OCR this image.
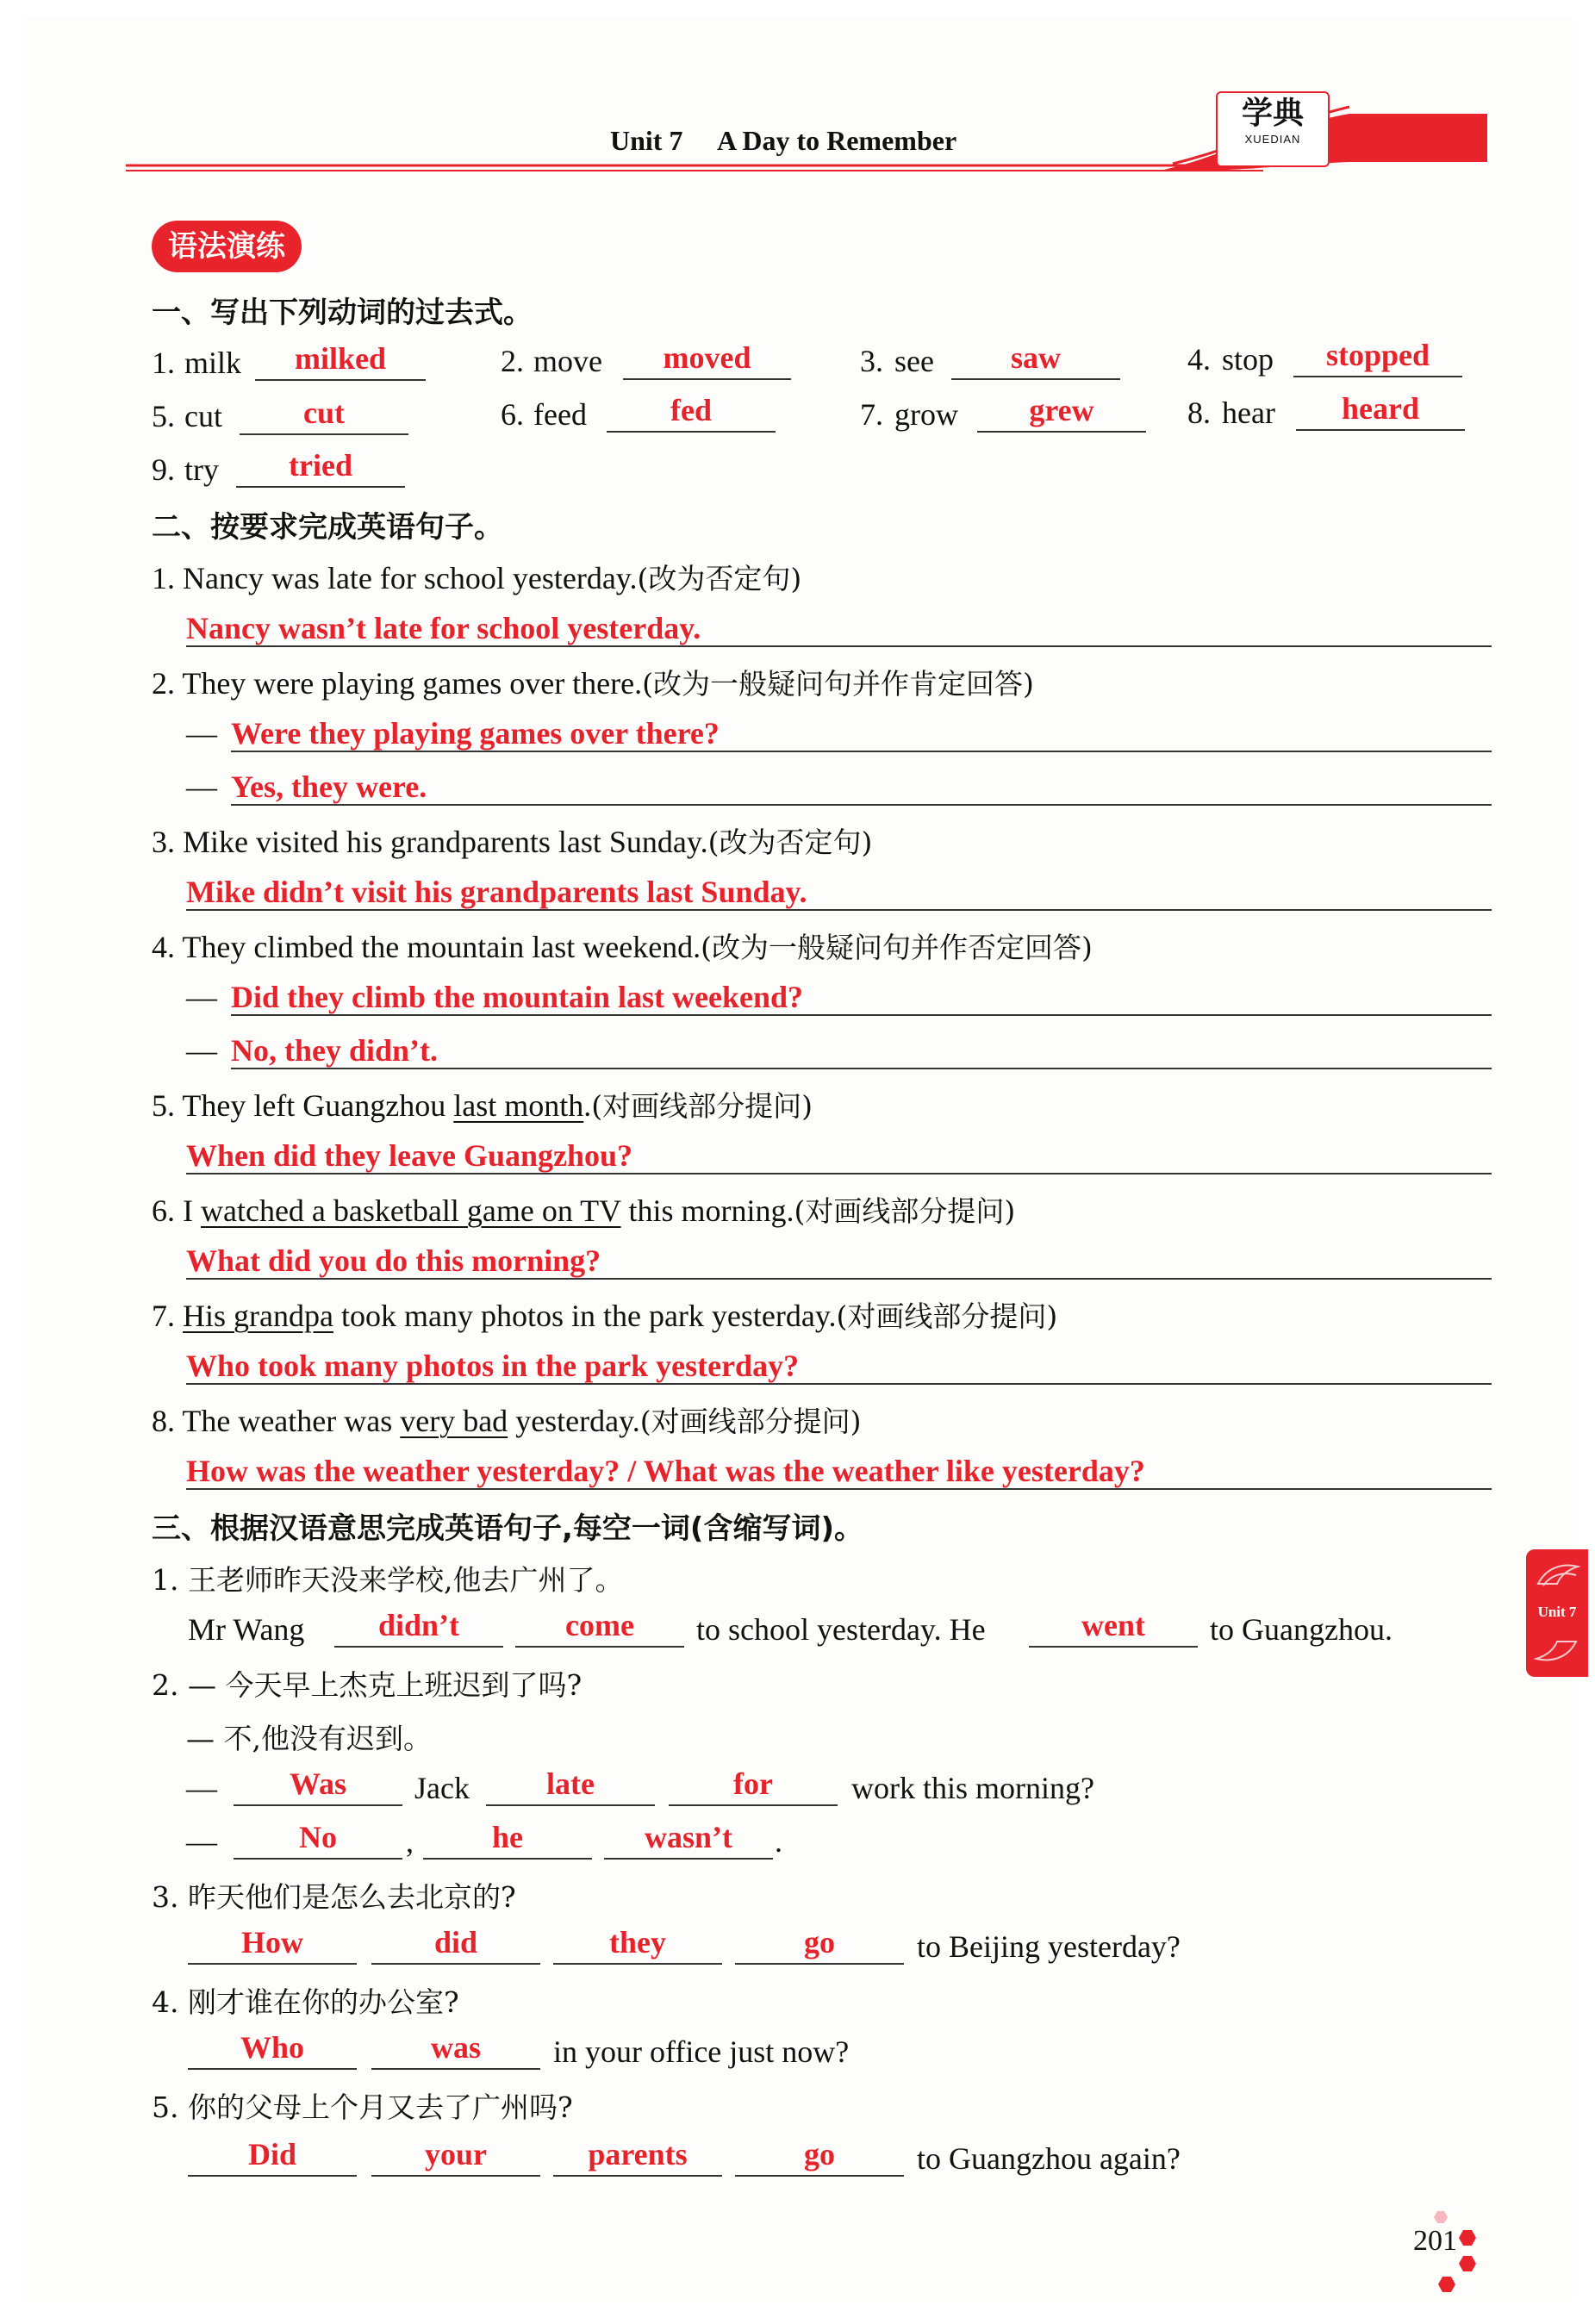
Unit 7 A Day to Remember
学典
XUEDIAN
语法演练
一、写出下列动词的过去式。
1. milk	milked	2. move	moved	3. see	saw	4. stop	stopped
5. cut	cut	6. feed	fed	7. grow	grew	8. hear	heard
9. try	tried
二、按要求完成英语句子。
1. Nancy was late for school yesterday.(改为否定句)
Nancy wasn’t late for school yesterday.
2. They were playing games over there.(改为一般疑问句并作肯定回答)
— Were they playing games over there?
— Yes, they were.
3. Mike visited his grandparents last Sunday.(改为否定句)
Mike didn’t visit his grandparents last Sunday.
4. They climbed the mountain last weekend.(改为一般疑问句并作否定回答)
— Did they climb the mountain last weekend?
— No, they didn’t.
5. They left Guangzhou last month.(对画线部分提问)
When did they leave Guangzhou?
6. I watched a basketball game on TV this morning.(对画线部分提问)
What did you do this morning?
7. His grandpa took many photos in the park yesterday.(对画线部分提问)
Who took many photos in the park yesterday?
8. The weather was very bad yesterday.(对画线部分提问)
How was the weather yesterday? / What was the weather like yesterday?
三、根据汉语意思完成英语句子,每空一词(含缩写词)。
1. 王老师昨天没来学校,他去广州了。
Mr Wang	didn’t	come	to school yesterday. He	went	to Guangzhou.
2. — 今天早上杰克上班迟到了吗?
— 不,他没有迟到。
—	Was	Jack	late	for	work this morning?
—	No	,	he	wasn’t	.
3. 昨天他们是怎么去北京的?
How	did	they	go	to Beijing yesterday?
4. 刚才谁在你的办公室?
Who	was	in your office just now?
5. 你的父母上个月又去了广州吗?
Did	your	parents	go	to Guangzhou again?
Unit 7
201
